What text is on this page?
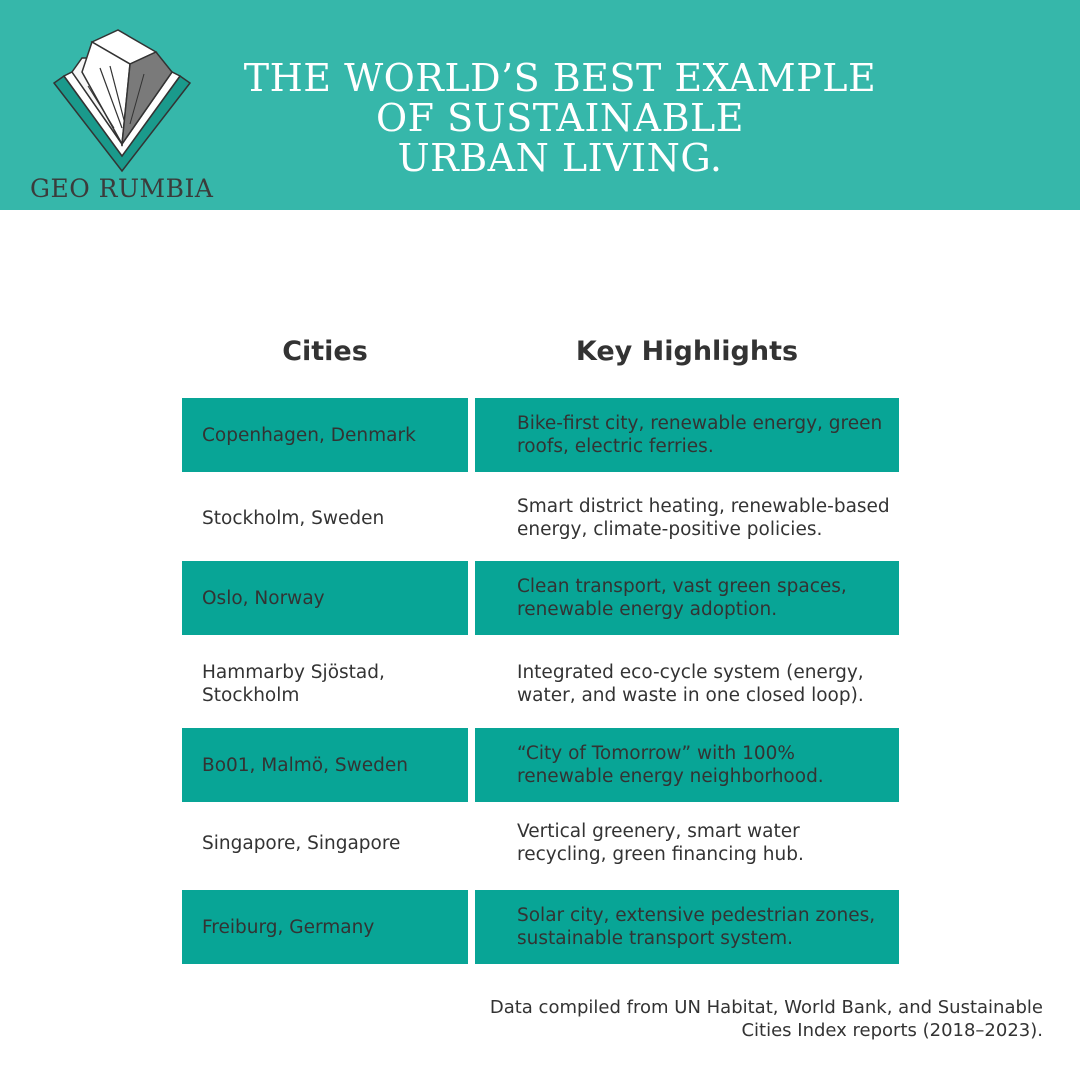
GEO RUMBIA
THE WORLD’S BEST EXAMPLE
OF SUSTAINABLE
URBAN LIVING.
Cities	Key Highlights
Copenhagen, Denmark
Bike-first city, renewable energy, green roofs, electric ferries.
Stockholm, Sweden
Smart district heating, renewable-based energy, climate-positive policies.
Oslo, Norway
Clean transport, vast green spaces, renewable energy adoption.
Hammarby Sjöstad, Stockholm
Integrated eco-cycle system (energy, water, and waste in one closed loop).
Bo01, Malmö, Sweden
“City of Tomorrow” with 100% renewable energy neighborhood.
Singapore, Singapore
Vertical greenery, smart water recycling, green financing hub.
Freiburg, Germany
Solar city, extensive pedestrian zones, sustainable transport system.
Data compiled from UN Habitat, World Bank, and Sustainable Cities Index reports (2018–2023).
